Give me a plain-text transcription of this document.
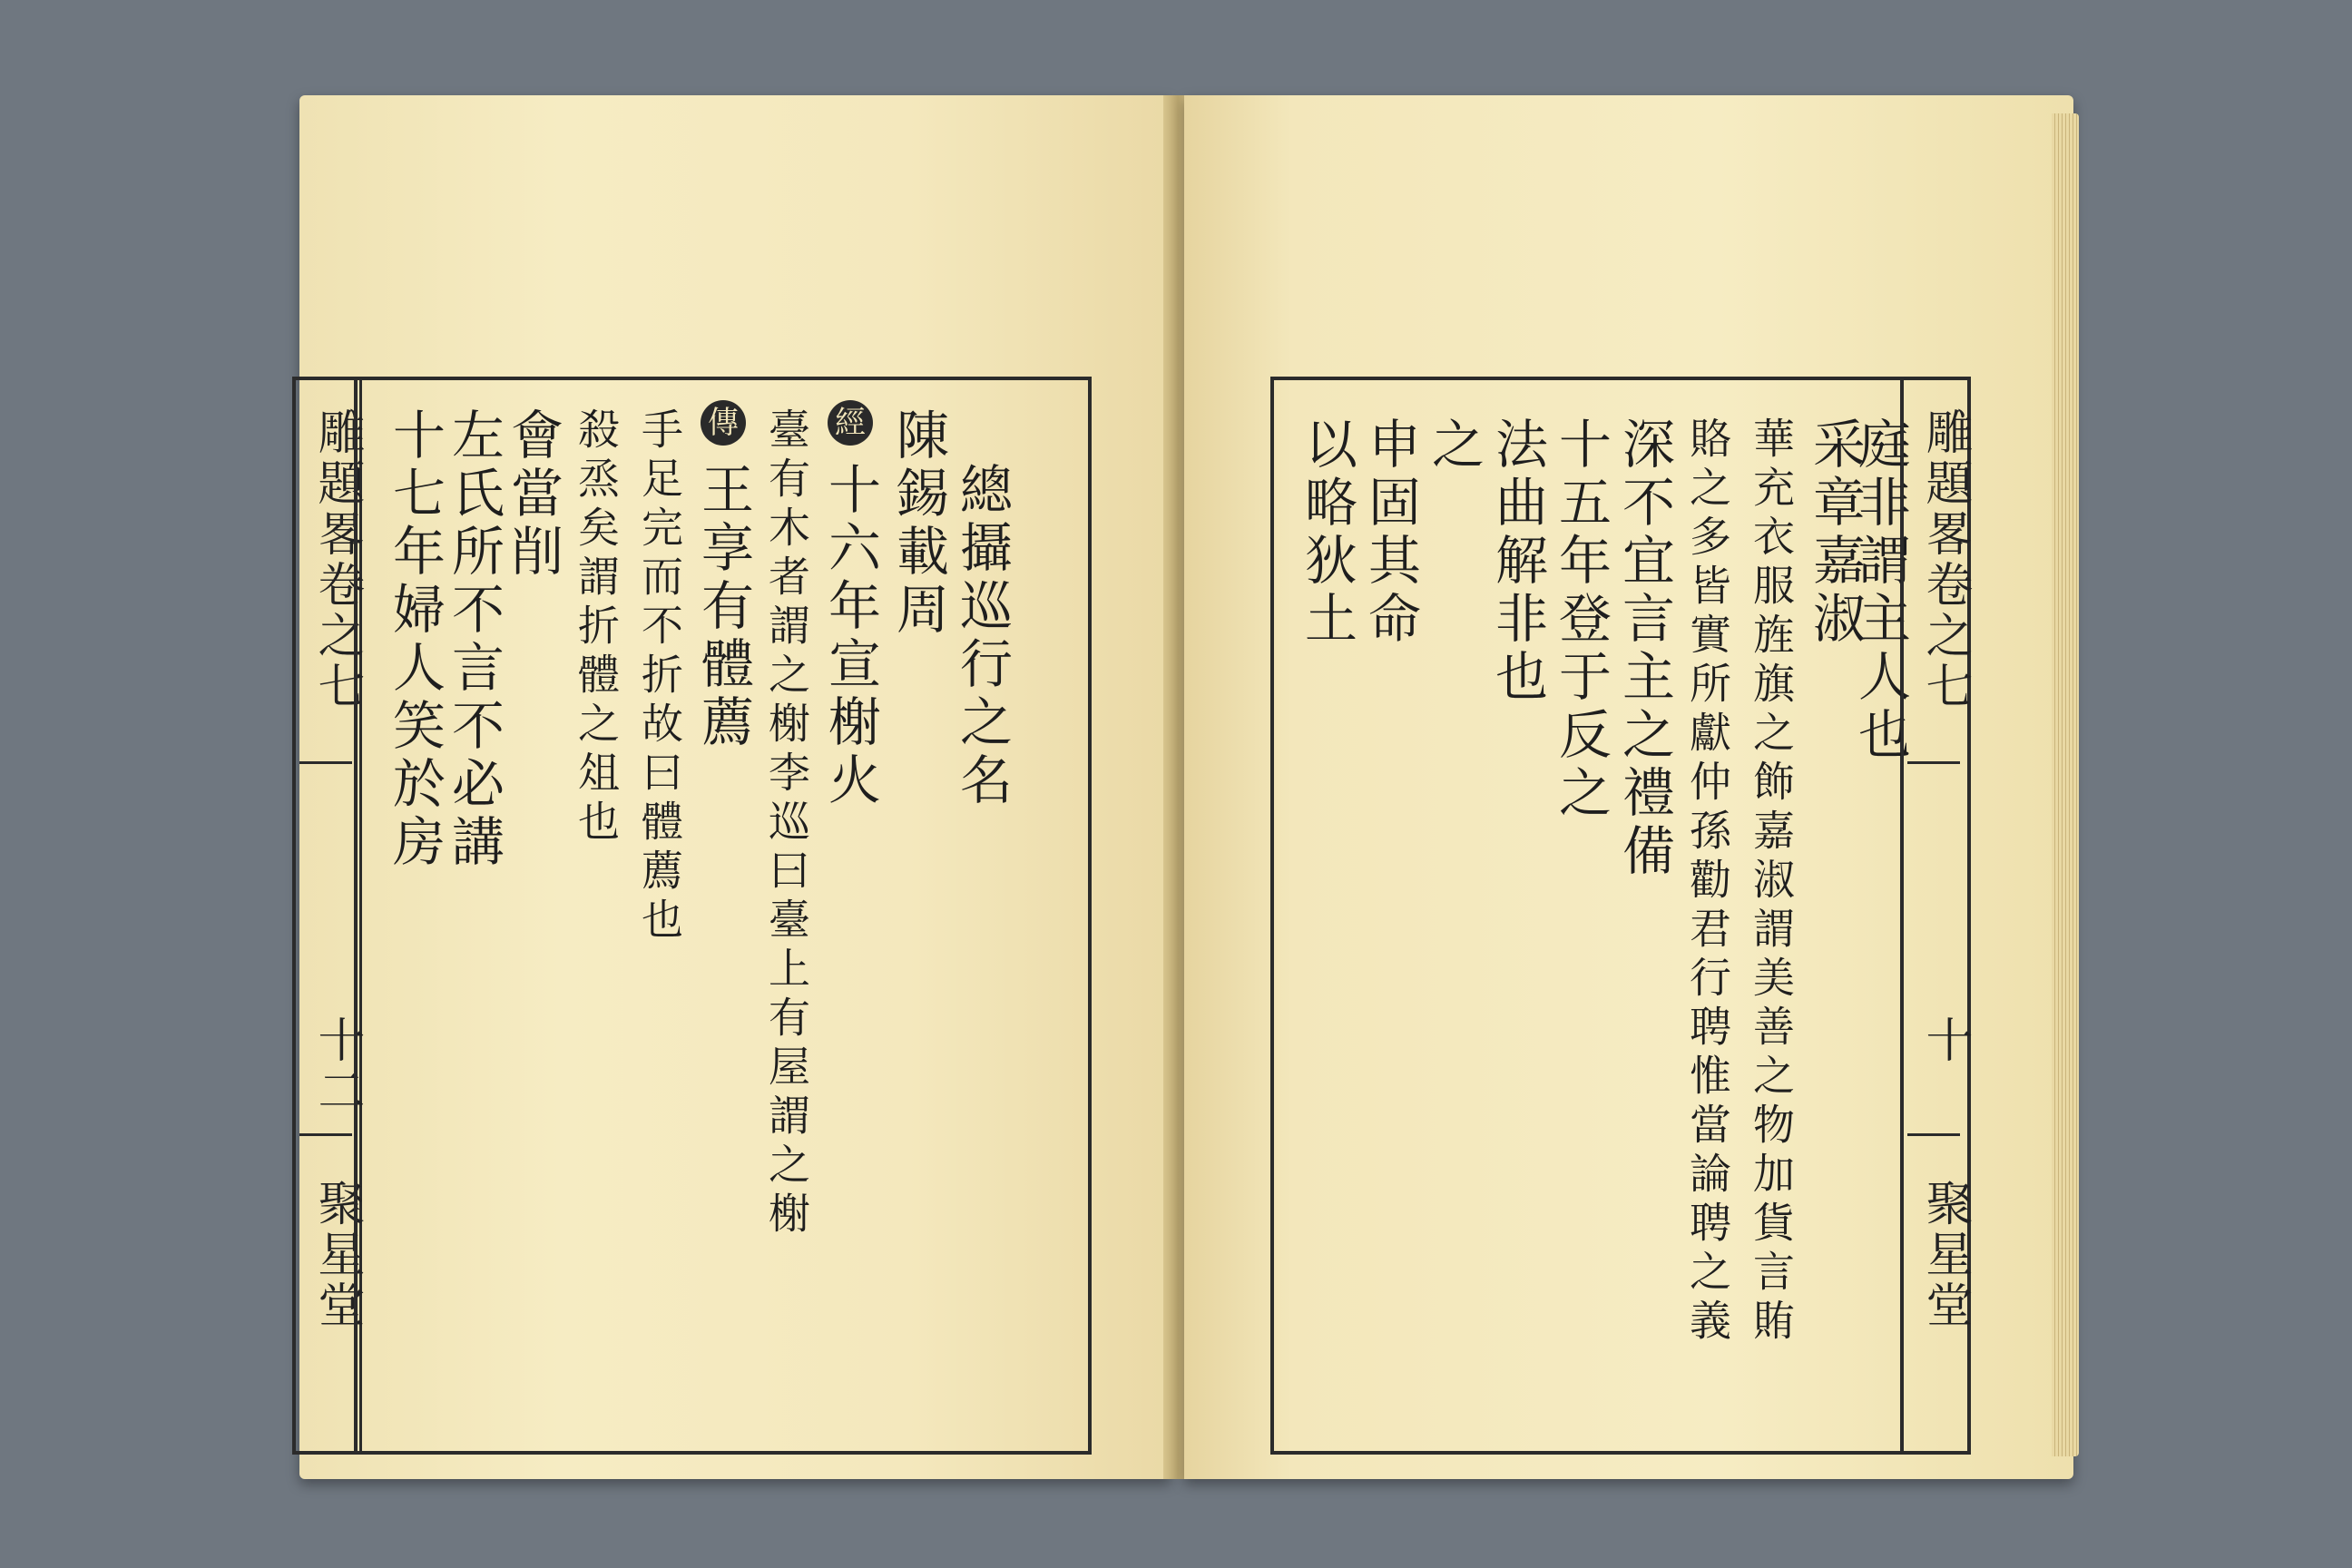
雕題畧卷之七
十二
聚星堂
十七年婦人笑於房
左氏所不言不必講
會當削 殺烝矣謂折體之俎也 手足完而不折故曰體薦也 王享有體薦
傳 臺有木者謂之榭李巡曰臺上有屋謂之榭 十六年宣榭火
經 陳錫載周 總攝巡行之名	以略狄土 申固其命 之 法曲解非也 十五年登于反之 深不宜言主之禮備 賂之多皆實所獻仲孫勸君行聘惟當論聘之義 華充衣服旌旗之飾嘉淑謂美善之物加貨言賄 采章嘉淑
庭非謂主人也 雕題畧卷之七
十
聚星堂
